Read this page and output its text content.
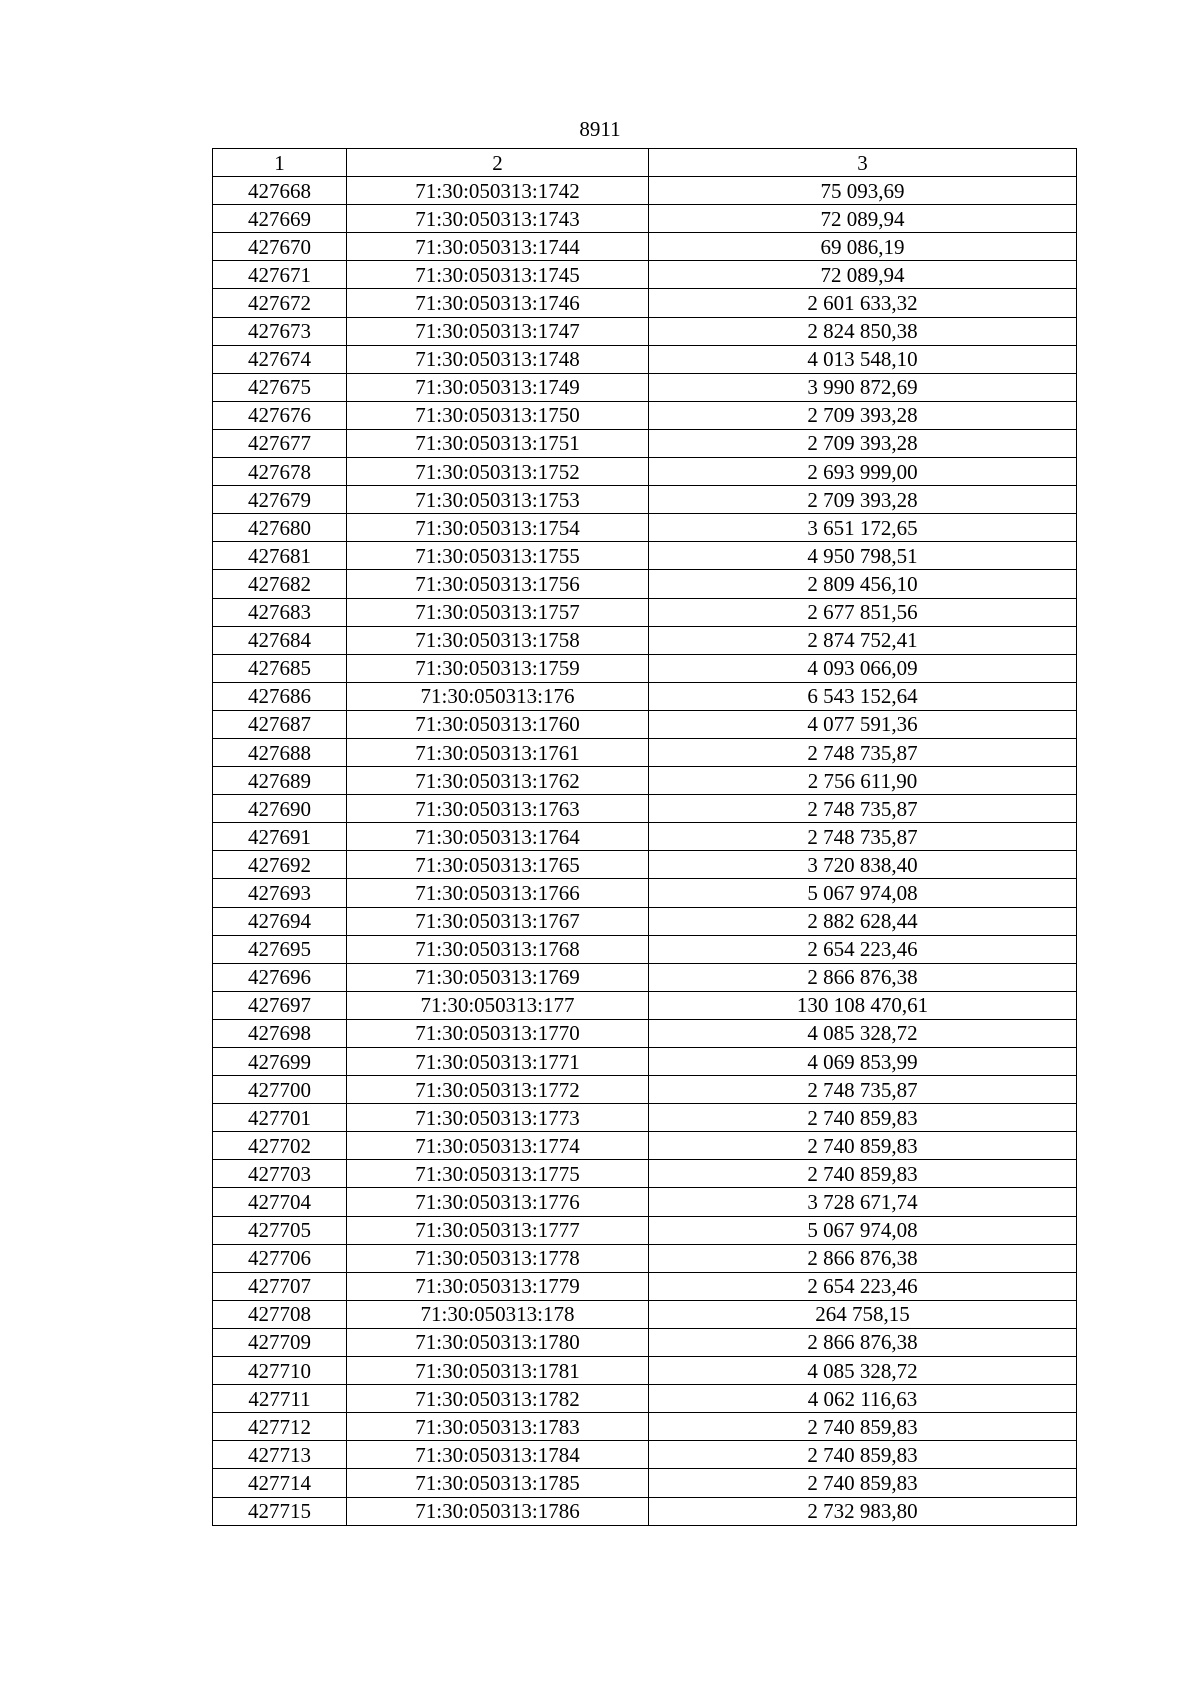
8911
1	2	3
427668	71:30:050313:1742	75 093,69
427669	71:30:050313:1743	72 089,94
427670	71:30:050313:1744	69 086,19
427671	71:30:050313:1745	72 089,94
427672	71:30:050313:1746	2 601 633,32
427673	71:30:050313:1747	2 824 850,38
427674	71:30:050313:1748	4 013 548,10
427675	71:30:050313:1749	3 990 872,69
427676	71:30:050313:1750	2 709 393,28
427677	71:30:050313:1751	2 709 393,28
427678	71:30:050313:1752	2 693 999,00
427679	71:30:050313:1753	2 709 393,28
427680	71:30:050313:1754	3 651 172,65
427681	71:30:050313:1755	4 950 798,51
427682	71:30:050313:1756	2 809 456,10
427683	71:30:050313:1757	2 677 851,56
427684	71:30:050313:1758	2 874 752,41
427685	71:30:050313:1759	4 093 066,09
427686	71:30:050313:176	6 543 152,64
427687	71:30:050313:1760	4 077 591,36
427688	71:30:050313:1761	2 748 735,87
427689	71:30:050313:1762	2 756 611,90
427690	71:30:050313:1763	2 748 735,87
427691	71:30:050313:1764	2 748 735,87
427692	71:30:050313:1765	3 720 838,40
427693	71:30:050313:1766	5 067 974,08
427694	71:30:050313:1767	2 882 628,44
427695	71:30:050313:1768	2 654 223,46
427696	71:30:050313:1769	2 866 876,38
427697	71:30:050313:177	130 108 470,61
427698	71:30:050313:1770	4 085 328,72
427699	71:30:050313:1771	4 069 853,99
427700	71:30:050313:1772	2 748 735,87
427701	71:30:050313:1773	2 740 859,83
427702	71:30:050313:1774	2 740 859,83
427703	71:30:050313:1775	2 740 859,83
427704	71:30:050313:1776	3 728 671,74
427705	71:30:050313:1777	5 067 974,08
427706	71:30:050313:1778	2 866 876,38
427707	71:30:050313:1779	2 654 223,46
427708	71:30:050313:178	264 758,15
427709	71:30:050313:1780	2 866 876,38
427710	71:30:050313:1781	4 085 328,72
427711	71:30:050313:1782	4 062 116,63
427712	71:30:050313:1783	2 740 859,83
427713	71:30:050313:1784	2 740 859,83
427714	71:30:050313:1785	2 740 859,83
427715	71:30:050313:1786	2 732 983,80
